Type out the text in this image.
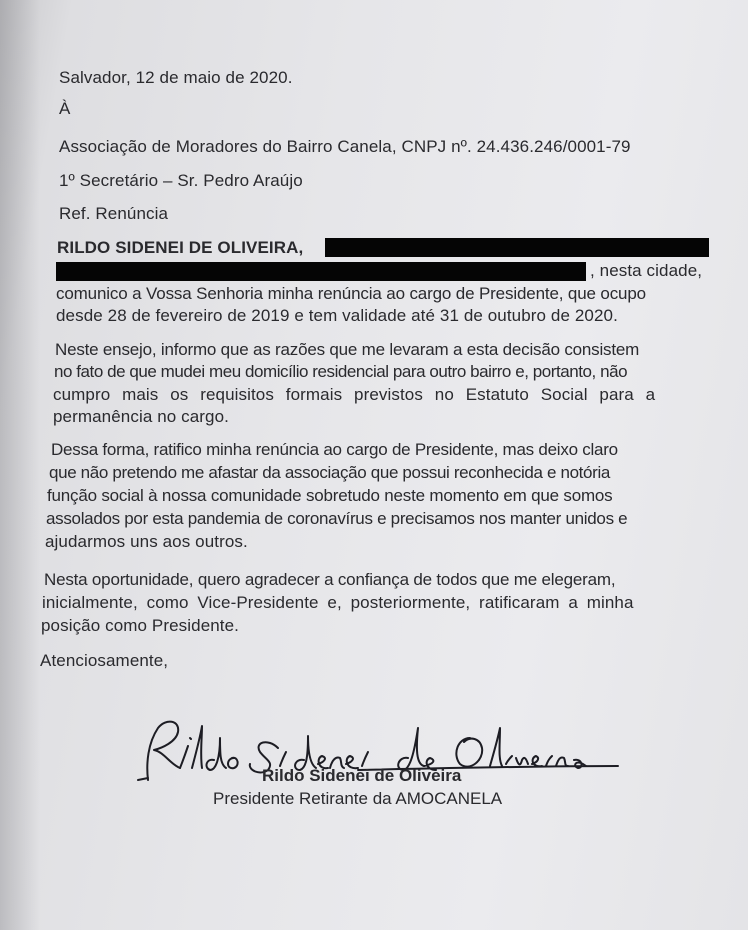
Salvador, 12 de maio de 2020.
À
Associação de Moradores do Bairro Canela, CNPJ nº. 24.436.246/0001-79
1º Secretário – Sr. Pedro Araújo
Ref. Renúncia
RILDO SIDENEI DE OLIVEIRA,
, nesta cidade,
comunico a Vossa Senhoria minha renúncia ao cargo de Presidente, que ocupo
desde 28 de fevereiro de 2019 e tem validade até 31 de outubro de 2020.
Neste ensejo, informo que as razões que me levaram a esta decisão consistem
no fato de que mudei meu domicílio residencial para outro bairro e, portanto, não
cumpro mais os requisitos formais previstos no Estatuto Social para a
permanência no cargo.
Dessa forma, ratifico minha renúncia ao cargo de Presidente, mas deixo claro
que não pretendo me afastar da associação que possui reconhecida e notória
função social à nossa comunidade sobretudo neste momento em que somos
assolados por esta pandemia de coronavírus e precisamos nos manter unidos e
ajudarmos uns aos outros.
Nesta oportunidade, quero agradecer a confiança de todos que me elegeram,
inicialmente, como Vice-Presidente e, posteriormente, ratificaram a minha
posição como Presidente.
Atenciosamente,
Rildo Sidenei de Oliveira
Presidente Retirante da AMOCANELA
